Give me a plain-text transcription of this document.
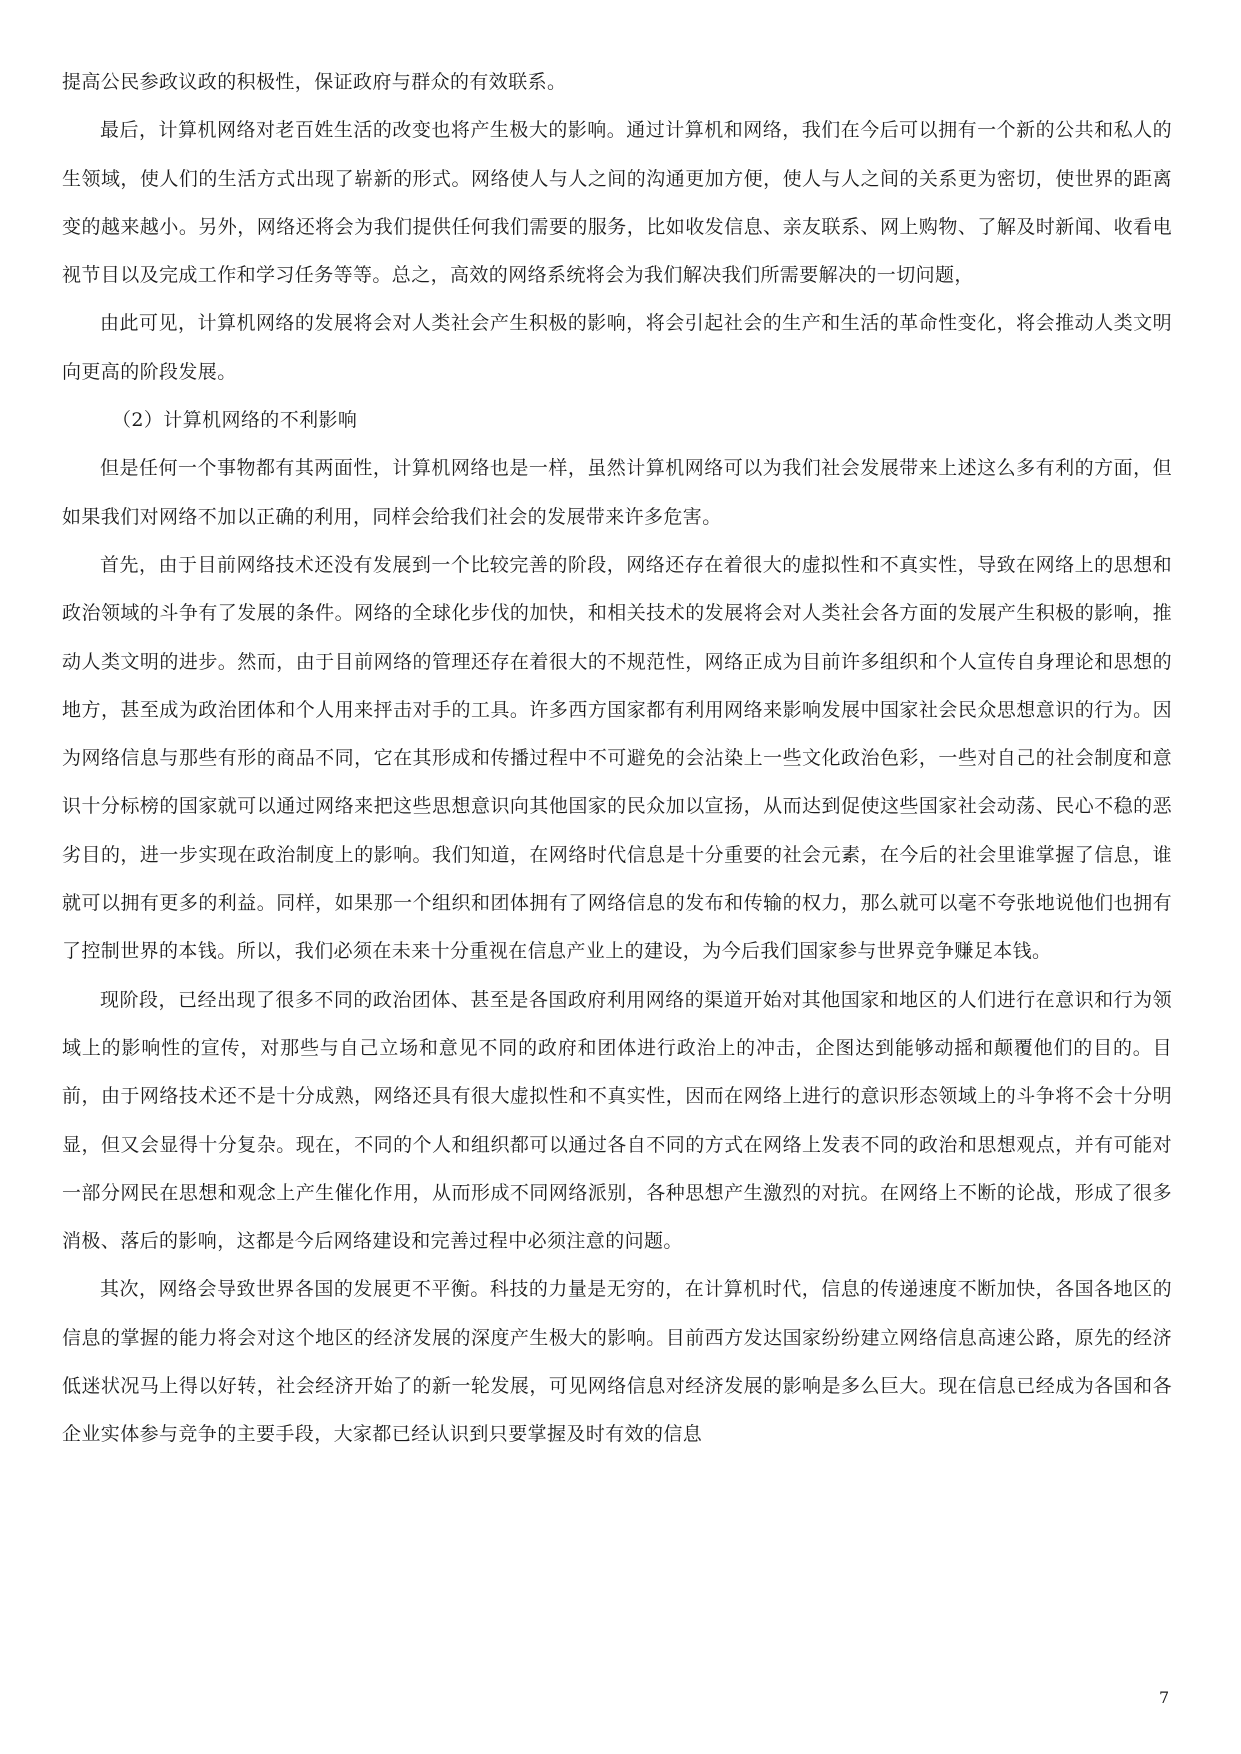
提高公民参政议政的积极性，保证政府与群众的有效联系。

最后，计算机网络对老百姓生活的改变也将产生极大的影响。通过计算机和网络，我们在今后可以拥有一个新的公共和私人的生领域，使人们的生活方式出现了崭新的形式。网络使人与人之间的沟通更加方便，使人与人之间的关系更为密切，使世界的距离变的越来越小。另外，网络还将会为我们提供任何我们需要的服务，比如收发信息、亲友联系、网上购物、了解及时新闻、收看电视节目以及完成工作和学习任务等等。总之，高效的网络系统将会为我们解决我们所需要解决的一切问题，

由此可见，计算机网络的发展将会对人类社会产生积极的影响，将会引起社会的生产和生活的革命性变化，将会推动人类文明向更高的阶段发展。

（2）计算机网络的不利影响

但是任何一个事物都有其两面性，计算机网络也是一样，虽然计算机网络可以为我们社会发展带来上述这么多有利的方面，但如果我们对网络不加以正确的利用，同样会给我们社会的发展带来许多危害。

首先，由于目前网络技术还没有发展到一个比较完善的阶段，网络还存在着很大的虚拟性和不真实性，导致在网络上的思想和政治领域的斗争有了发展的条件。网络的全球化步伐的加快，和相关技术的发展将会对人类社会各方面的发展产生积极的影响，推动人类文明的进步。然而，由于目前网络的管理还存在着很大的不规范性，网络正成为目前许多组织和个人宣传自身理论和思想的地方，甚至成为政治团体和个人用来抨击对手的工具。许多西方国家都有利用网络来影响发展中国家社会民众思想意识的行为。因为网络信息与那些有形的商品不同，它在其形成和传播过程中不可避免的会沾染上一些文化政治色彩，一些对自己的社会制度和意识十分标榜的国家就可以通过网络来把这些思想意识向其他国家的民众加以宣扬，从而达到促使这些国家社会动荡、民心不稳的恶劣目的，进一步实现在政治制度上的影响。我们知道，在网络时代信息是十分重要的社会元素，在今后的社会里谁掌握了信息，谁就可以拥有更多的利益。同样，如果那一个组织和团体拥有了网络信息的发布和传输的权力，那么就可以毫不夸张地说他们也拥有了控制世界的本钱。所以，我们必须在未来十分重视在信息产业上的建设，为今后我们国家参与世界竞争赚足本钱。

现阶段，已经出现了很多不同的政治团体、甚至是各国政府利用网络的渠道开始对其他国家和地区的人们进行在意识和行为领域上的影响性的宣传，对那些与自己立场和意见不同的政府和团体进行政治上的冲击，企图达到能够动摇和颠覆他们的目的。目前，由于网络技术还不是十分成熟，网络还具有很大虚拟性和不真实性，因而在网络上进行的意识形态领域上的斗争将不会十分明显，但又会显得十分复杂。现在，不同的个人和组织都可以通过各自不同的方式在网络上发表不同的政治和思想观点，并有可能对一部分网民在思想和观念上产生催化作用，从而形成不同网络派别，各种思想产生激烈的对抗。在网络上不断的论战，形成了很多消极、落后的影响，这都是今后网络建设和完善过程中必须注意的问题。

其次，网络会导致世界各国的发展更不平衡。科技的力量是无穷的，在计算机时代，信息的传递速度不断加快，各国各地区的信息的掌握的能力将会对这个地区的经济发展的深度产生极大的影响。目前西方发达国家纷纷建立网络信息高速公路，原先的经济低迷状况马上得以好转，社会经济开始了的新一轮发展，可见网络信息对经济发展的影响是多么巨大。现在信息已经成为各国和各企业实体参与竞争的主要手段，大家都已经认识到只要掌握及时有效的信息

7
